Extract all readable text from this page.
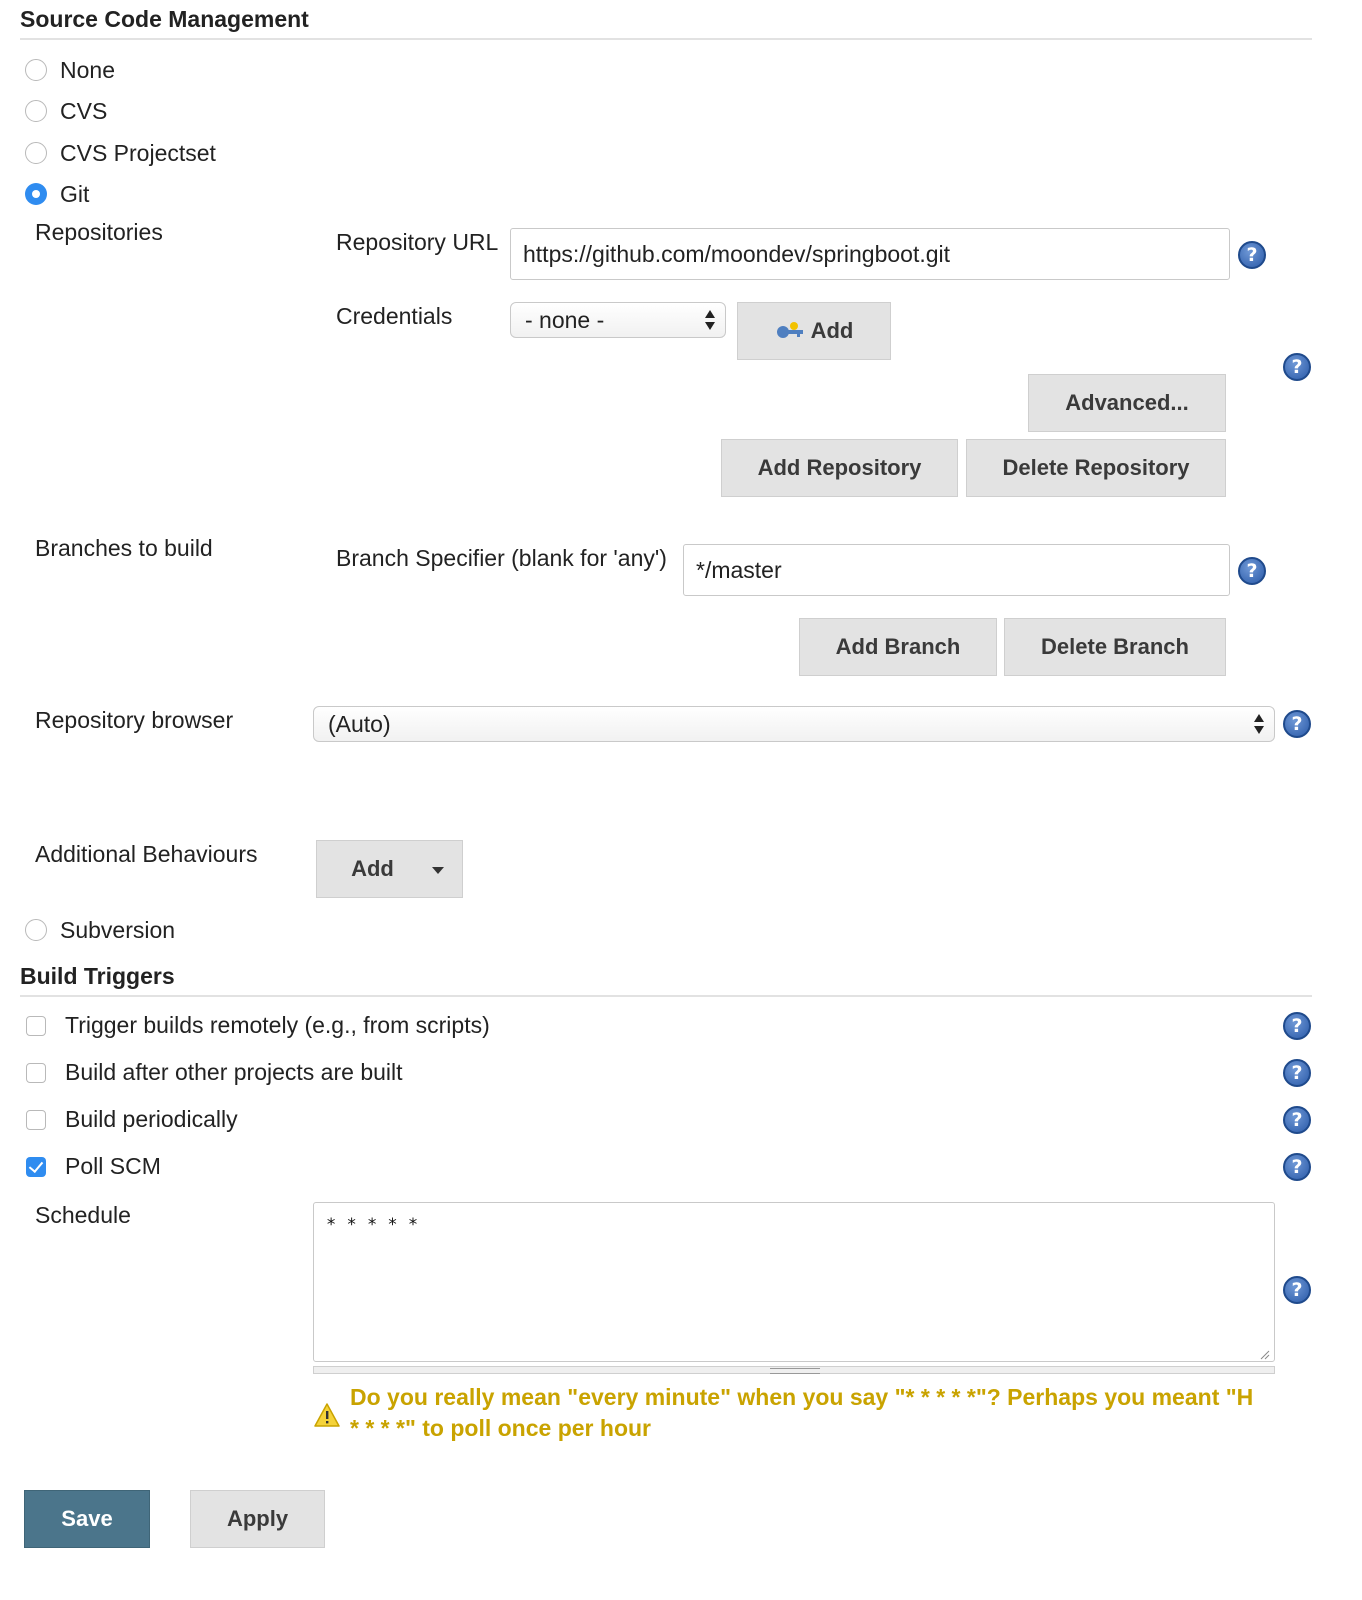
Source Code Management
None
CVS
CVS Projectset
Git
Repositories	Repository URL	https://github.com/moondev/springboot.git	?
Credentials	- none -	Add
?
Advanced...
Add Repository	Delete Repository
Branches to build	Branch Specifier (blank for 'any')	*/master	?
Add Branch	Delete Branch
Repository browser	(Auto)	?
Additional Behaviours
Add
Subversion
Build Triggers
Trigger builds remotely (e.g., from scripts)	?
Build after other projects are built	?
Build periodically	?
Poll SCM	?
Schedule	* * * * *
?
Do you really mean "every minute" when you say "* * * * *"? Perhaps you meant "H
* * * *" to poll once per hour
Save	Apply
